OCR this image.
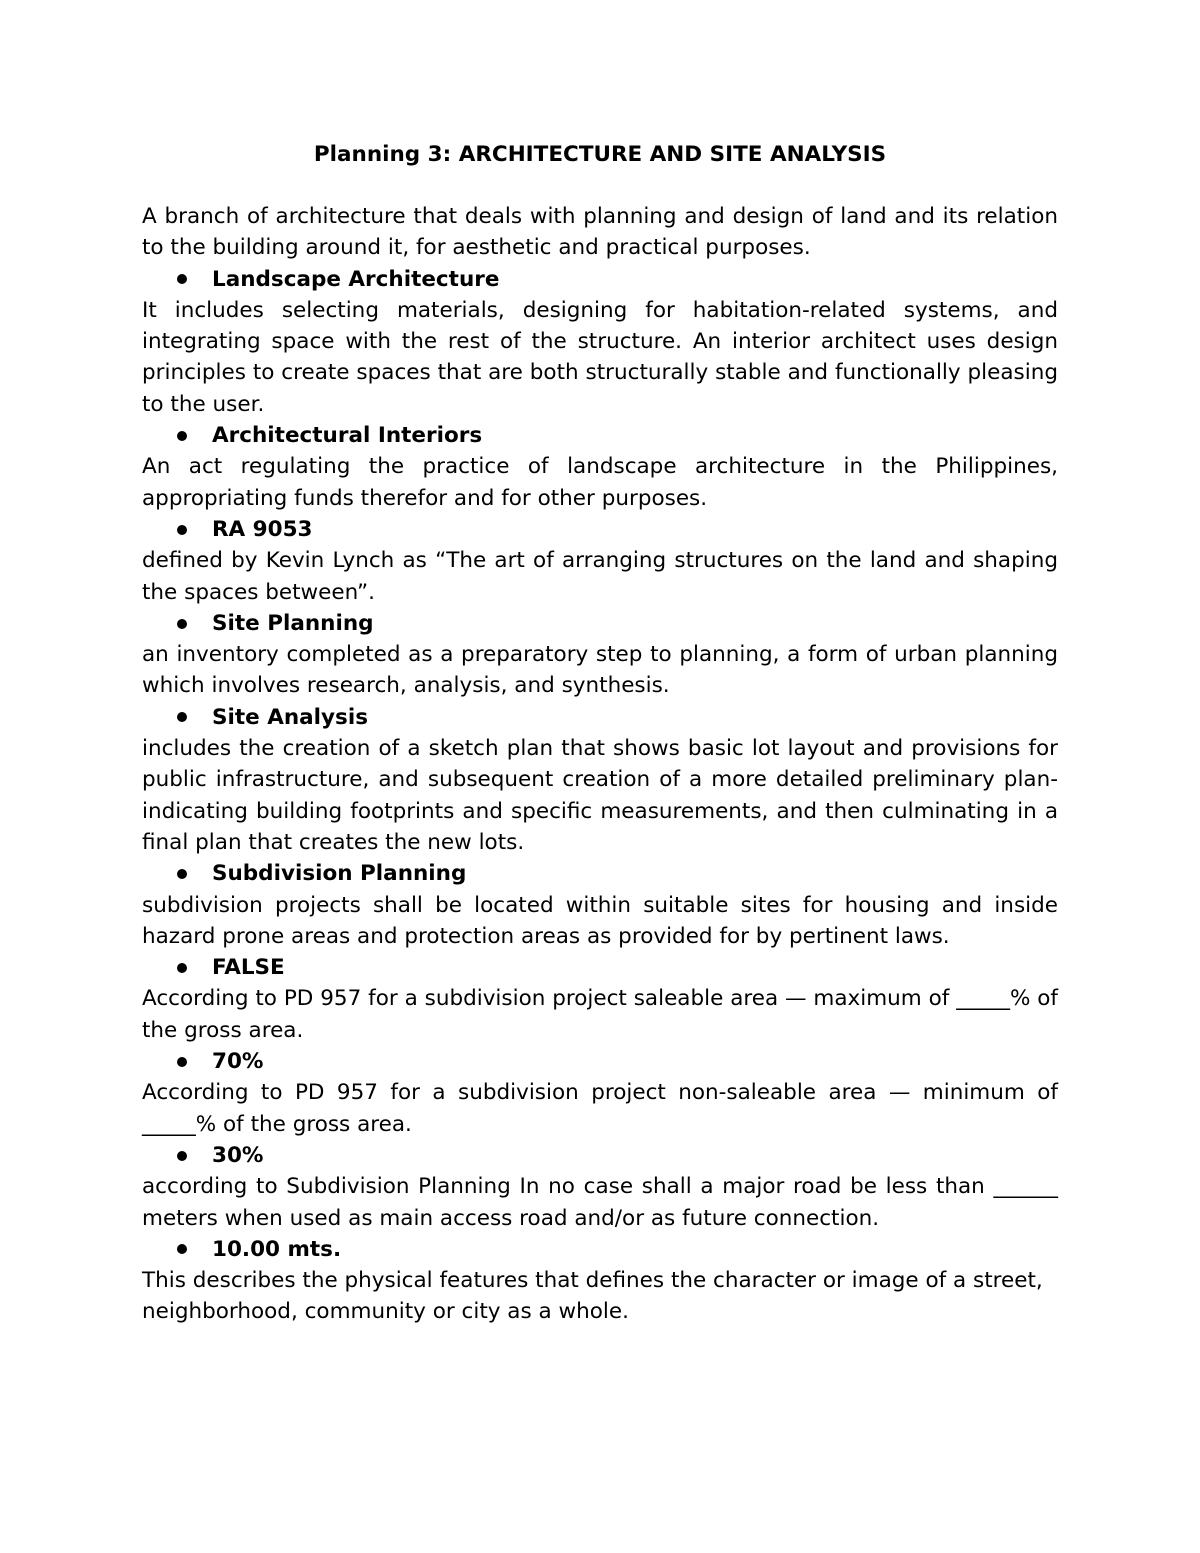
Planning 3: ARCHITECTURE AND SITE ANALYSIS

A branch of architecture that deals with planning and design of land and its relation to the building around it, for aesthetic and practical purposes.

Landscape Architecture

It includes selecting materials, designing for habitation-related systems, and integrating space with the rest of the structure. An interior architect uses design principles to create spaces that are both structurally stable and functionally pleasing to the user.

Architectural Interiors

An act regulating the practice of landscape architecture in the Philippines, appropriating funds therefor and for other purposes.

RA 9053

defined by Kevin Lynch as “The art of arranging structures on the land and shaping the spaces between”.

Site Planning

an inventory completed as a preparatory step to planning, a form of urban planning which involves research, analysis, and synthesis.

Site Analysis

includes the creation of a sketch plan that shows basic lot layout and provisions for public infrastructure, and subsequent creation of a more detailed preliminary plan- indicating building footprints and specific measurements, and then culminating in a final plan that creates the new lots.

Subdivision Planning

subdivision projects shall be located within suitable sites for housing and inside hazard prone areas and protection areas as provided for by pertinent laws.

FALSE

According to PD 957 for a subdivision project saleable area — maximum of _____% of the gross area.

70%

According to PD 957 for a subdivision project non-saleable area — minimum of _____% of the gross area.

30%

according to Subdivision Planning In no case shall a major road be less than ______ meters when used as main access road and/or as future connection.

10.00 mts.

This describes the physical features that defines the character or image of a street, neighborhood, community or city as a whole.
